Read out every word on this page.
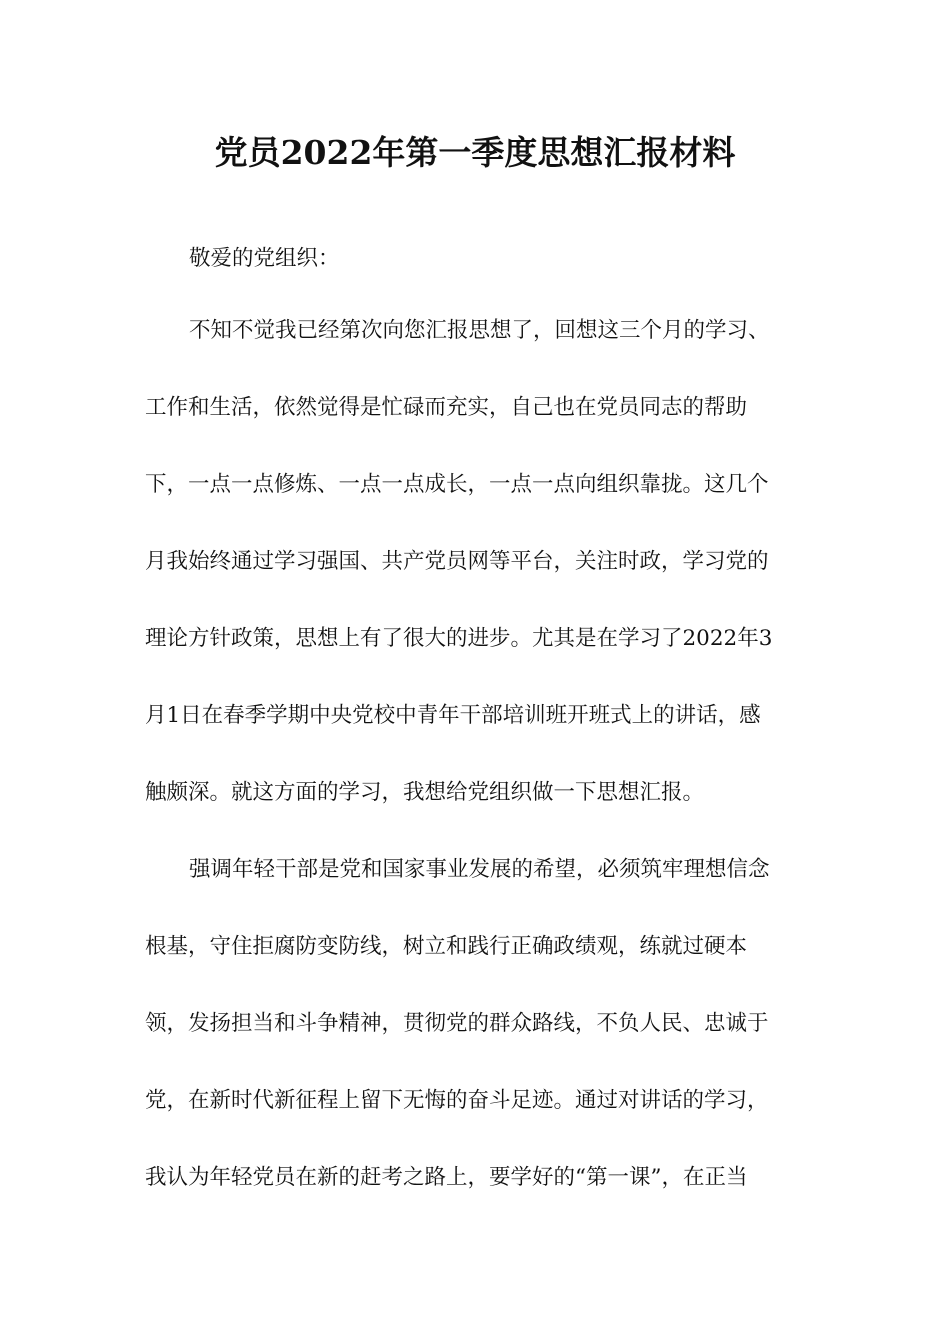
党员2022年第一季度思想汇报材料
敬爱的党组织：
不知不觉我已经第次向您汇报思想了，回想这三个月的学习、
工作和生活，依然觉得是忙碌而充实，自己也在党员同志的帮助
下，一点一点修炼、一点一点成长，一点一点向组织靠拢。这几个
月我始终通过学习强国、共产党员网等平台，关注时政，学习党的
理论方针政策，思想上有了很大的进步。尤其是在学习了2022年3
月1日在春季学期中央党校中青年干部培训班开班式上的讲话，感
触颇深。就这方面的学习，我想给党组织做一下思想汇报。
强调年轻干部是党和国家事业发展的希望，必须筑牢理想信念
根基，守住拒腐防变防线，树立和践行正确政绩观，练就过硬本
领，发扬担当和斗争精神，贯彻党的群众路线，不负人民、忠诚于
党，在新时代新征程上留下无悔的奋斗足迹。通过对讲话的学习，
我认为年轻党员在新的赶考之路上，要学好的“第一课”，在正当
